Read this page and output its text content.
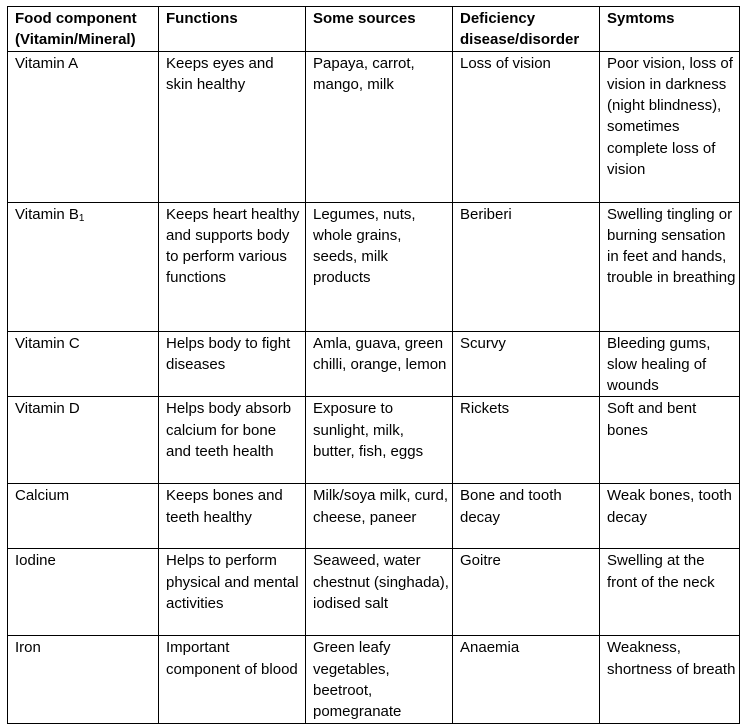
Food component (Vitamin/Mineral)	Functions	Some sources	Deficiency disease/disorder	Symtoms
Vitamin A	Keeps eyes and skin healthy	Papaya, carrot, mango, milk	Loss of vision	Poor vision, loss of vision in darkness (night blindness), sometimes complete loss of vision
Vitamin $B_1$	Keeps heart healthy and supports body to perform various functions	Legumes, nuts, whole grains, seeds, milk products	Beriberi	Swelling tingling or burning sensation in feet and hands, trouble in breathing
Vitamin C	Helps body to fight diseases	Amla, guava, green chilli, orange, lemon	Scurvy	Bleeding gums, slow healing of wounds
Vitamin D	Helps body absorb calcium for bone and teeth health	Exposure to sunlight, milk, butter, fish, eggs	Rickets	Soft and bent bones
Calcium	Keeps bones and teeth healthy	Milk/soya milk, curd, cheese, paneer	Bone and tooth decay	Weak bones, tooth decay
Iodine	Helps to perform physical and mental activities	Seaweed, water chestnut (singhada), iodised salt	Goitre	Swelling at the front of the neck
Iron	Important component of blood	Green leafy vegetables, beetroot, pomegranate	Anaemia	Weakness, shortness of breath
